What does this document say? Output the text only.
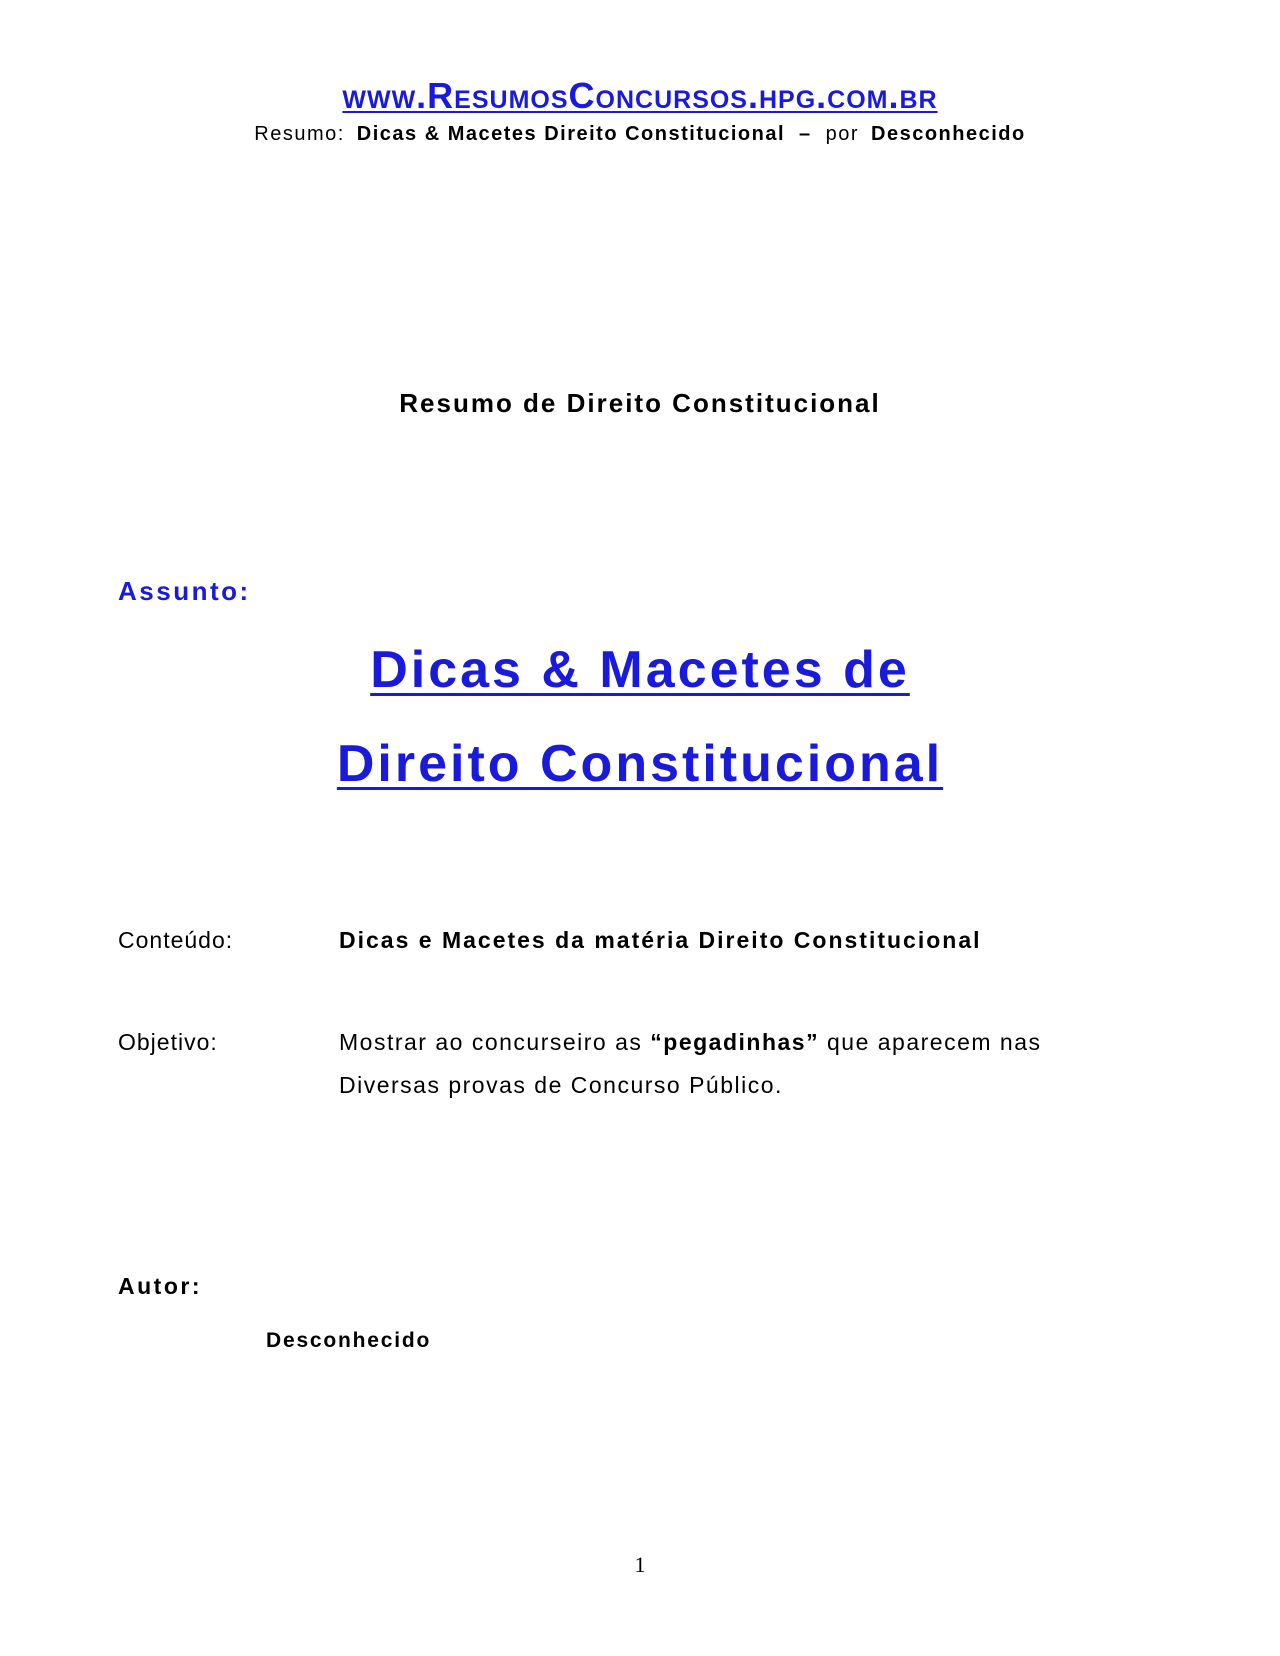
www.ResumosConcursos.hpg.com.br
Resumo: Dicas & Macetes Direito Constitucional – por Desconhecido
Resumo de Direito Constitucional
Assunto:
Dicas & Macetes de
Direito Constitucional
Conteúdo:	Dicas e Macetes da matéria Direito Constitucional
Objetivo:	Mostrar ao concurseiro as “pegadinhas” que aparecem nas
Diversas provas de Concurso Público.
Autor:
Desconhecido
1
